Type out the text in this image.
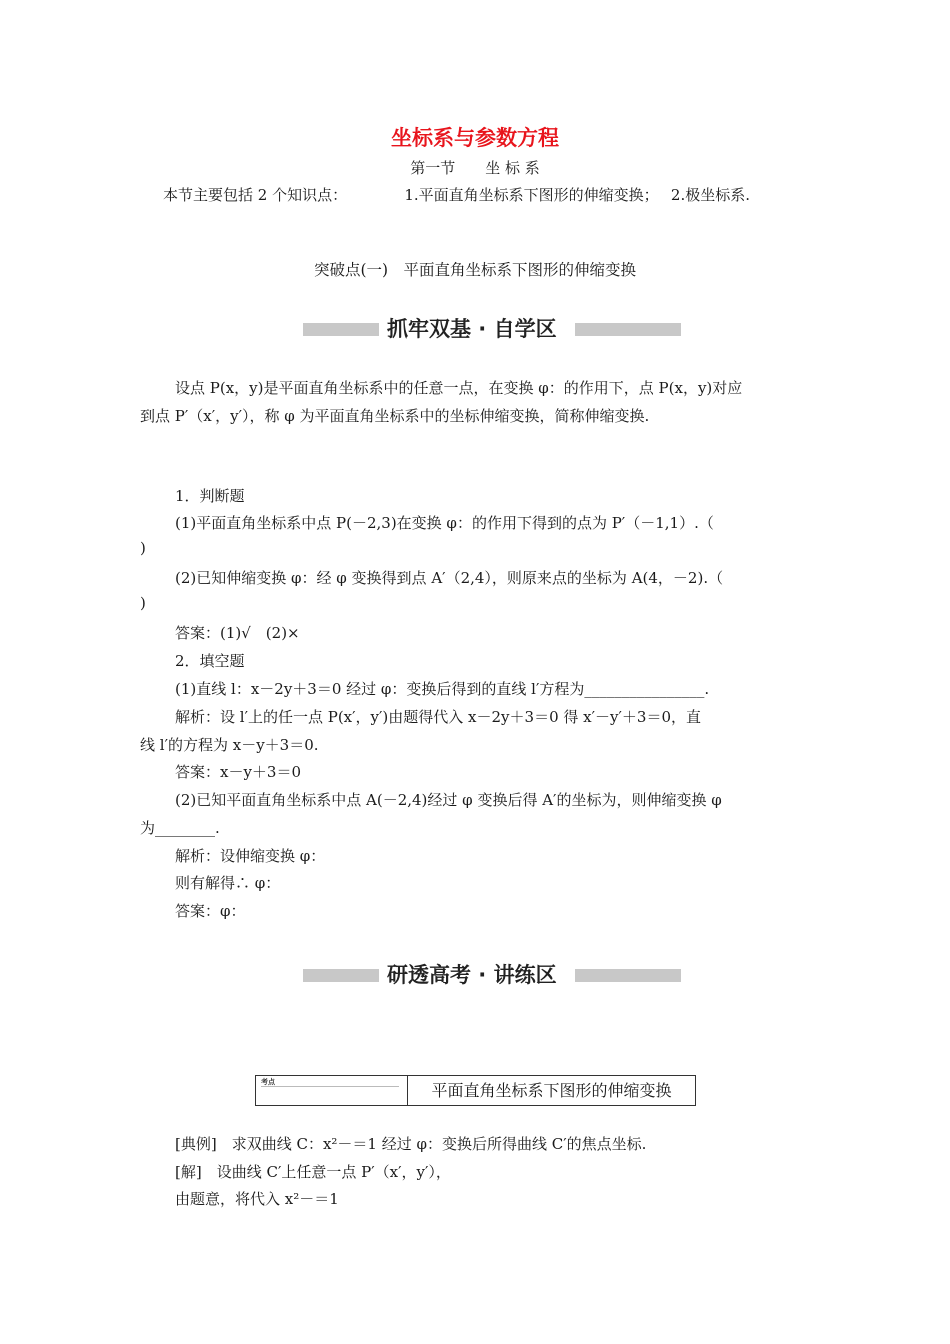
坐标系与参数方程
第一节　　坐 标 系
本节主要包括 2 个知识点：　　　　 1.平面直角坐标系下图形的伸缩变换；　 2.极坐标系.
突破点(一)　平面直角坐标系下图形的伸缩变换
抓牢双基 · 自学区
设点 P(x，y)是平面直角坐标系中的任意一点，在变换 φ：的作用下，点 P(x，y)对应
到点 P′（x′，y′），称 φ 为平面直角坐标系中的坐标伸缩变换，简称伸缩变换.
1．判断题
(1)平面直角坐标系中点 P(－2,3)在变换 φ：的作用下得到的点为 P′（－1,1）.（
)
(2)已知伸缩变换 φ：经 φ 变换得到点 A′（2,4），则原来点的坐标为 A(4，－2).（
)
答案：(1)√　(2)×
2．填空题
(1)直线 l：x－2y＋3＝0 经过 φ：变换后得到的直线 l′方程为________________.
解析：设 l′上的任一点 P(x′，y′)由题得代入 x－2y＋3＝0 得 x′－y′＋3＝0，直
线 l′的方程为 x－y＋3＝0.
答案：x－y＋3＝0
(2)已知平面直角坐标系中点 A(－2,4)经过 φ 变换后得 A′的坐标为，则伸缩变换 φ
为________.
解析：设伸缩变换 φ：
则有解得∴ φ：
答案：φ：
研透高考 · 讲练区
考点	平面直角坐标系下图形的伸缩变换
[典例]　求双曲线 C：x²－＝1 经过 φ：变换后所得曲线 C′的焦点坐标.
[解]　设曲线 C′上任意一点 P′（x′，y′），
由题意，将代入 x²－＝1
